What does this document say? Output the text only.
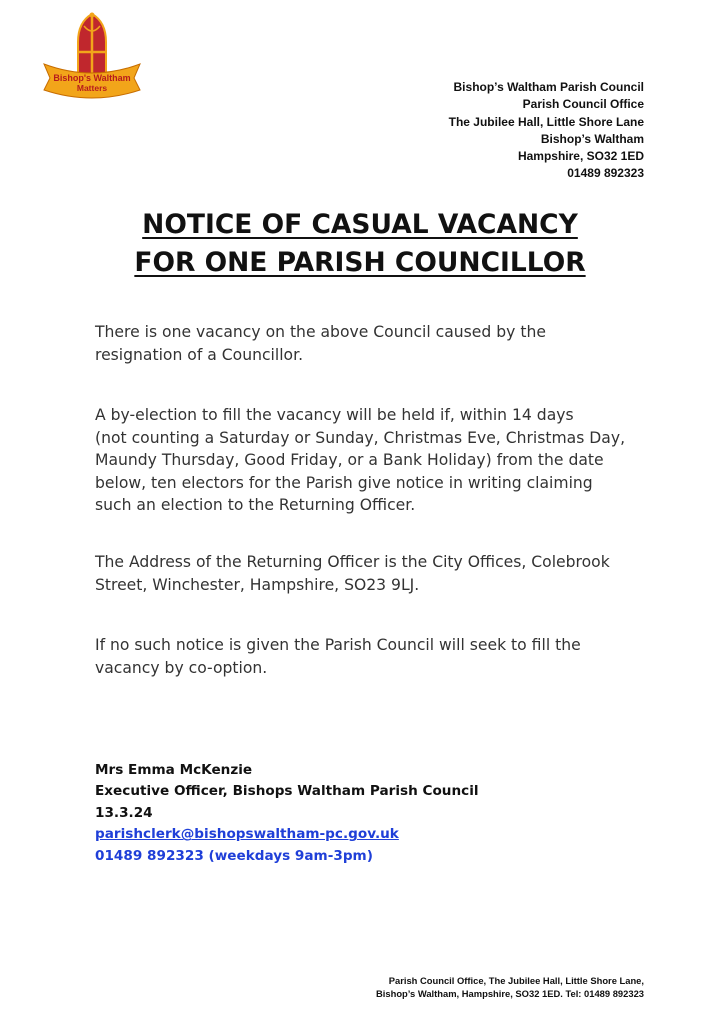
Bishop's Waltham
Matters	Bishop’s Waltham Parish Council
Parish Council Office
The Jubilee Hall, Little Shore Lane
Bishop’s Waltham
Hampshire, SO32 1ED
01489 892323
NOTICE OF CASUAL VACANCY
FOR ONE PARISH COUNCILLOR
There is one vacancy on the above Council caused by the
resignation of a Councillor.
A by-election to fill the vacancy will be held if, within 14 days
(not counting a Saturday or Sunday, Christmas Eve, Christmas Day,
Maundy Thursday, Good Friday, or a Bank Holiday) from the date
below, ten electors for the Parish give notice in writing claiming
such an election to the Returning Officer.
The Address of the Returning Officer is the City Offices, Colebrook
Street, Winchester, Hampshire, SO23 9LJ.
If no such notice is given the Parish Council will seek to fill the
vacancy by co-option.
Mrs Emma McKenzie
Executive Officer, Bishops Waltham Parish Council
13.3.24
parishclerk@bishopswaltham-pc.gov.uk
01489 892323 (weekdays 9am-3pm)
Parish Council Office, The Jubilee Hall, Little Shore Lane,
Bishop’s Waltham, Hampshire, SO32 1ED. Tel: 01489 892323
